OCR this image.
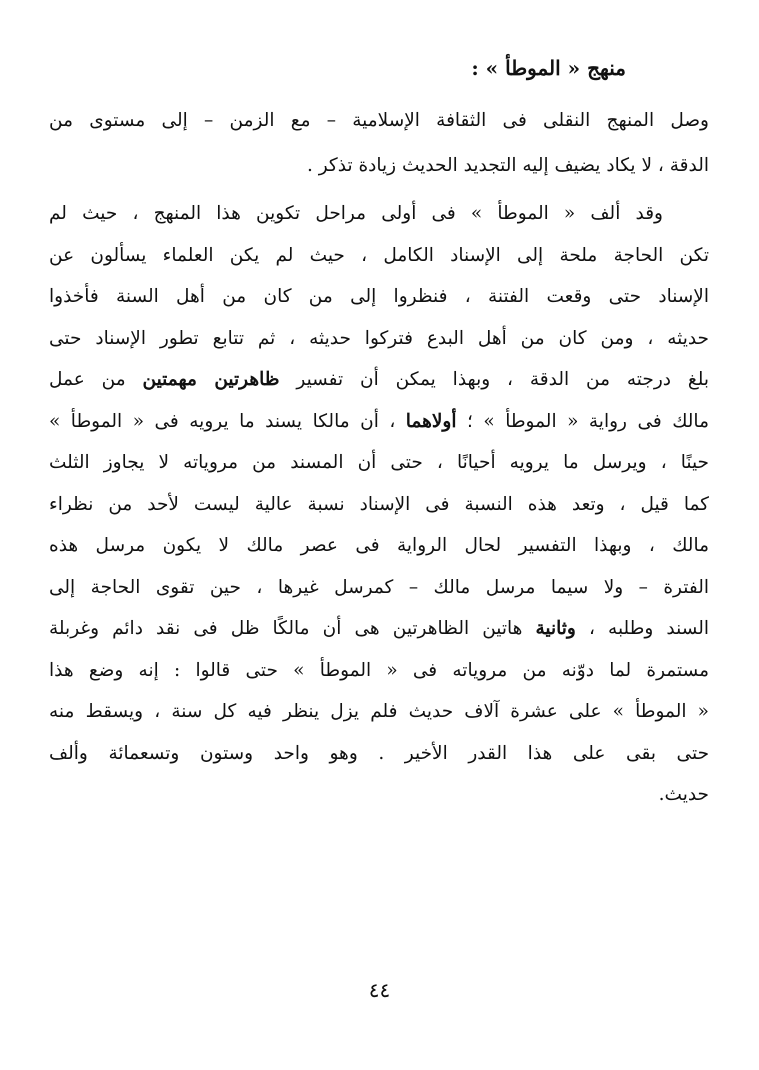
منهج « الموطأ » :

وصل المنهج النقلى فى الثقافة الإسلامية – مع الزمن – إلى مستوى من
الدقة ، لا يكاد يضيف إليه التجديد الحديث زيادة تذكر .

وقد ألف « الموطأ » فى أولى مراحل تكوين هذا المنهج ، حيث لم
تكن الحاجة ملحة إلى الإسناد الكامل ، حيث لم يكن العلماء يسألون عن
الإسناد حتى وقعت الفتنة ، فنظروا إلى من كان من أهل السنة فأخذوا
حديثه ، ومن كان من أهل البدع فتركوا حديثه ، ثم تتابع تطور الإسناد حتى
بلغ درجته من الدقة ، وبهذا يمكن أن تفسير ظاهرتين مهمتين من عمل
مالك فى رواية « الموطأ » ؛ أولاهما ، أن مالكا يسند ما يرويه فى « الموطأ »
حينًا ، ويرسل ما يرويه أحيانًا ، حتى أن المسند من مروياته لا يجاوز الثلث
كما قيل ، وتعد هذه النسبة فى الإسناد نسبة عالية ليست لأحد من نظراء
مالك ، وبهذا التفسير لحال الرواية فى عصر مالك لا يكون مرسل هذه
الفترة – ولا سيما مرسل مالك – كمرسل غيرها ، حين تقوى الحاجة إلى
السند وطلبه ، وثانية هاتين الظاهرتين هى أن مالكًا ظل فى نقد دائم وغربلة
مستمرة لما دوّنه من مروياته فى « الموطأ » حتى قالوا : إنه وضع هذا
« الموطأ » على عشرة آلاف حديث فلم يزل ينظر فيه كل سنة ، ويسقط منه
حتى بقى على هذا القدر الأخير . وهو واحد وستون وتسعمائة وألف
حديث.

٤٤
